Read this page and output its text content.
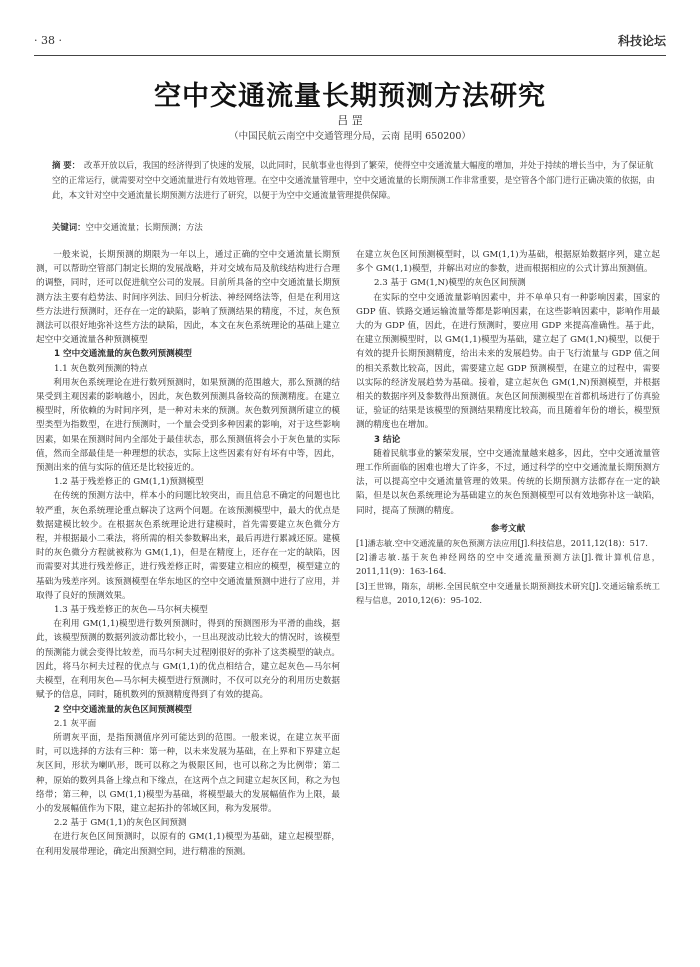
· 38 ·	科技论坛
空中交通流量长期预测方法研究
吕 罡
（中国民航云南空中交通管理分局，云南 昆明 650200）
摘 要： 改革开放以后，我国的经济得到了快速的发展，以此同时，民航事业也得到了繁荣，使得空中交通流量大幅度的增加，并处于持续的增长当中，为了保证航空的正常运行，就需要对空中交通流量进行有效地管理。在空中交通流量管理中，空中交通流量的长期预测工作非常重要，是空管各个部门进行正确决策的依据，由此，本文针对空中交通流量长期预测方法进行了研究，以便于为空中交通流量管理提供保障。
关键词：空中交通流量；长期预测；方法
一般来说，长期预测的期限为一年以上，通过正确的空中交通流量长期预测，可以帮助空管部门制定长期的发展战略，并对交域布局及航线结构进行合理的调整，同时，还可以促进航空公司的发展。目前所具备的空中交通流量长期预测方法主要有趋势法、时间序列法、回归分析法、神经网络法等，但是在利用这些方法进行预测时，还存在一定的缺陷，影响了预测结果的精度，不过，灰色预测法可以很好地弥补这些方法的缺陷，因此，本文在灰色系统理论的基础上建立起空中交通流量各种预测模型
1 空中交通流量的灰色数列预测模型
1.1 灰色数列预测的特点
利用灰色系统理论在进行数列预测时，如果预测的范围越大，那么预测的结果受到主观因素的影响越小，因此，灰色数列预测具备较高的预测精度。在建立模型时，所依赖的为时间序列，是一种对未来的预测。灰色数列预测所建立的模型类型为指数型，在进行预测时，一个量会受到多种因素的影响，对于这些影响因素，如果在预测时间内全部处于最佳状态，那么预测值将会小于灰色量的实际值，然而全部最佳是一种理想的状态，实际上这些因素有好有坏有中等，因此，预测出来的值与实际的值还是比较接近的。
1.2 基于残差修正的 GM(1,1)预测模型
在传统的预测方法中，样本小的问题比较突出，而且信息不确定的问题也比较严重，灰色系统理论重点解决了这两个问题。在该预测模型中，最大的优点是数据建模比较少。在根据灰色系统理论进行建模时，首先需要建立灰色微分方程，并根据最小二乘法，将所需的相关参数解出来，最后再进行累减还原。建模时的灰色微分方程就被称为 GM(1,1)，但是在精度上，还存在一定的缺陷，因而需要对其进行残差修正，进行残差修正时，需要建立相应的模型，模型建立的基础为残差序列。该预测模型在华东地区的空中交通流量预测中进行了应用，并取得了良好的预测效果。
1.3 基于残差修正的灰色—马尔柯夫模型
在利用 GM(1,1)模型进行数列预测时，得到的预测图形为平滑的曲线，据此，该模型预测的数据列波动都比较小，一旦出现波动比较大的情况时，该模型的预测能力就会变得比较差，而马尔柯夫过程刚很好的弥补了这类模型的缺点。因此，将马尔柯夫过程的优点与 GM(1,1)的优点相结合，建立起灰色—马尔柯夫模型，在利用灰色—马尔柯夫模型进行预测时，不仅可以充分的利用历史数据赋予的信息，同时，随机数列的预测精度得到了有效的提高。
2 空中交通流量的灰色区间预测模型
2.1 灰平面
所谓灰平面，是指预测值序列可能达到的范围。一般来说，在建立灰平面时，可以选择的方法有三种：第一种，以未来发展为基础，在上界和下界建立起灰区间，形状为喇叭形，既可以称之为极限区间，也可以称之为比例带；第二种，原始的数列具备上缘点和下缘点，在这两个点之间建立起灰区间，称之为包络带；第三种，以 GM(1,1)模型为基础，将模型最大的发展幅值作为上限，最小的发展幅值作为下限，建立起拓扑的邻域区间，称为发展带。
2.2 基于 GM(1,1)的灰色区间预测
在进行灰色区间预测时，以原有的 GM(1,1)模型为基础，建立起模型群，在利用发展带理论，确定出预测空间，进行精准的预测。
在建立灰色区间预测模型时，以 GM(1,1)为基础，根据原始数据序列，建立起多个 GM(1,1)模型，并解出对应的参数，进而根据相应的公式计算出预测值。
2.3 基于 GM(1,N)模型的灰色区间预测
在实际的空中交通流量影响因素中，并不单单只有一种影响因素，国家的 GDP 值、铁路交通运输流量等都是影响因素，在这些影响因素中，影响作用最大的为 GDP 值，因此，在进行预测时，要应用 GDP 来提高准确性。基于此，在建立预测模型时，以 GM(1,1)模型为基础，建立起了 GM(1,N)模型，以便于有效的提升长期预测精度，给出未来的发展趋势。由于飞行流量与 GDP 值之间的相关系数比较高，因此，需要建立起 GDP 预测模型，在建立的过程中，需要以实际的经济发展趋势为基础。接着，建立起灰色 GM(1,N)预测模型，并根据相关的数据序列及参数得出预测值。灰色区间预测模型在首都机场进行了仿真验证，验证的结果是该模型的预测结果精度比较高，而且随着年份的增长，模型预测的精度也在增加。
3 结论
随着民航事业的繁荣发展，空中交通流量越来越多，因此，空中交通流量管理工作所面临的困难也增大了许多，不过，通过科学的空中交通流量长期预测方法，可以提高空中交通流量管理的效果。传统的长期预测方法都存在一定的缺陷，但是以灰色系统理论为基础建立的灰色预测模型可以有效地弥补这一缺陷，同时，提高了预测的精度。
参考文献
[1]潘志敏.空中交通流量的灰色预测方法应用[J].科技信息，2011,12(18)：517.
[2]潘志敏.基于灰色神经网络的空中交通流量预测方法[J].微计算机信息，2011,11(9)：163-164.
[3]王世锦，隋东，胡彬.全国民航空中交通量长期预测技术研究[J].交通运输系统工程与信息，2010,12(6)：95-102.
